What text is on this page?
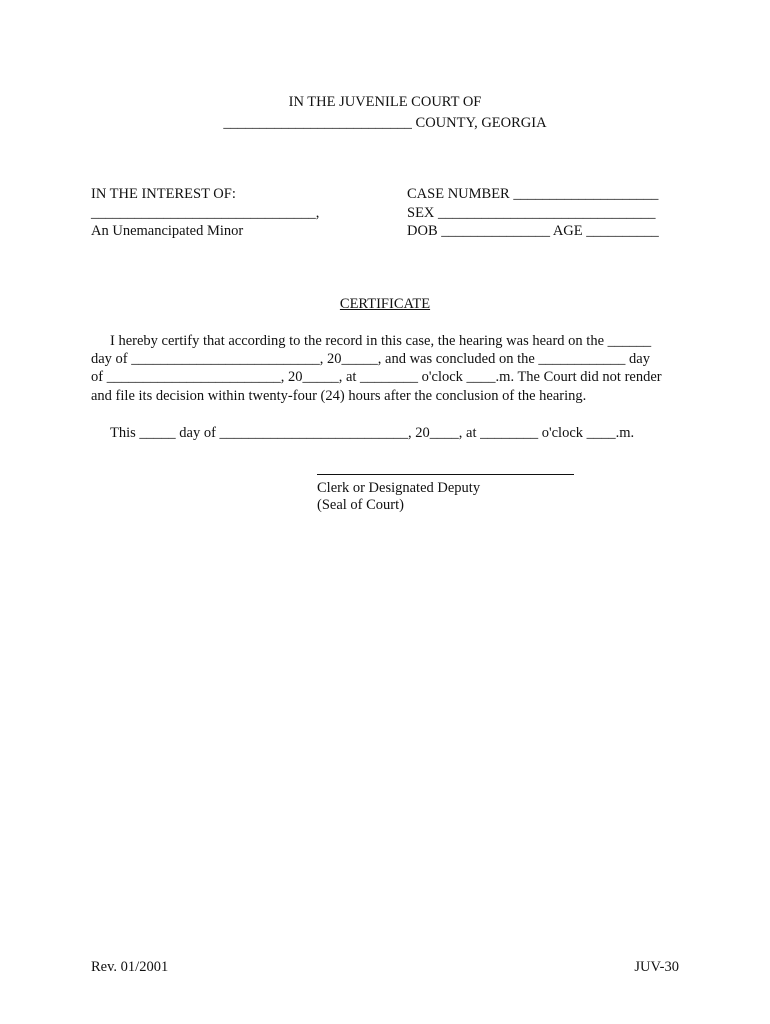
IN THE JUVENILE COURT OF
__________________________ COUNTY, GEORGIA
IN THE INTEREST OF:
_______________________________,
An Unemancipated Minor
CASE NUMBER ____________________
SEX ______________________________
DOB _______________ AGE __________
CERTIFICATE
I hereby certify that according to the record in this case, the hearing was heard on the ______
day of __________________________, 20_____, and was concluded on the ____________ day
of ________________________, 20_____, at ________ o'clock ____.m. The Court did not render
and file its decision within twenty-four (24) hours after the conclusion of the hearing.
This _____ day of __________________________, 20____, at ________ o'clock ____.m.
Clerk or Designated Deputy
(Seal of Court)
Rev. 01/2001	JUV-30
